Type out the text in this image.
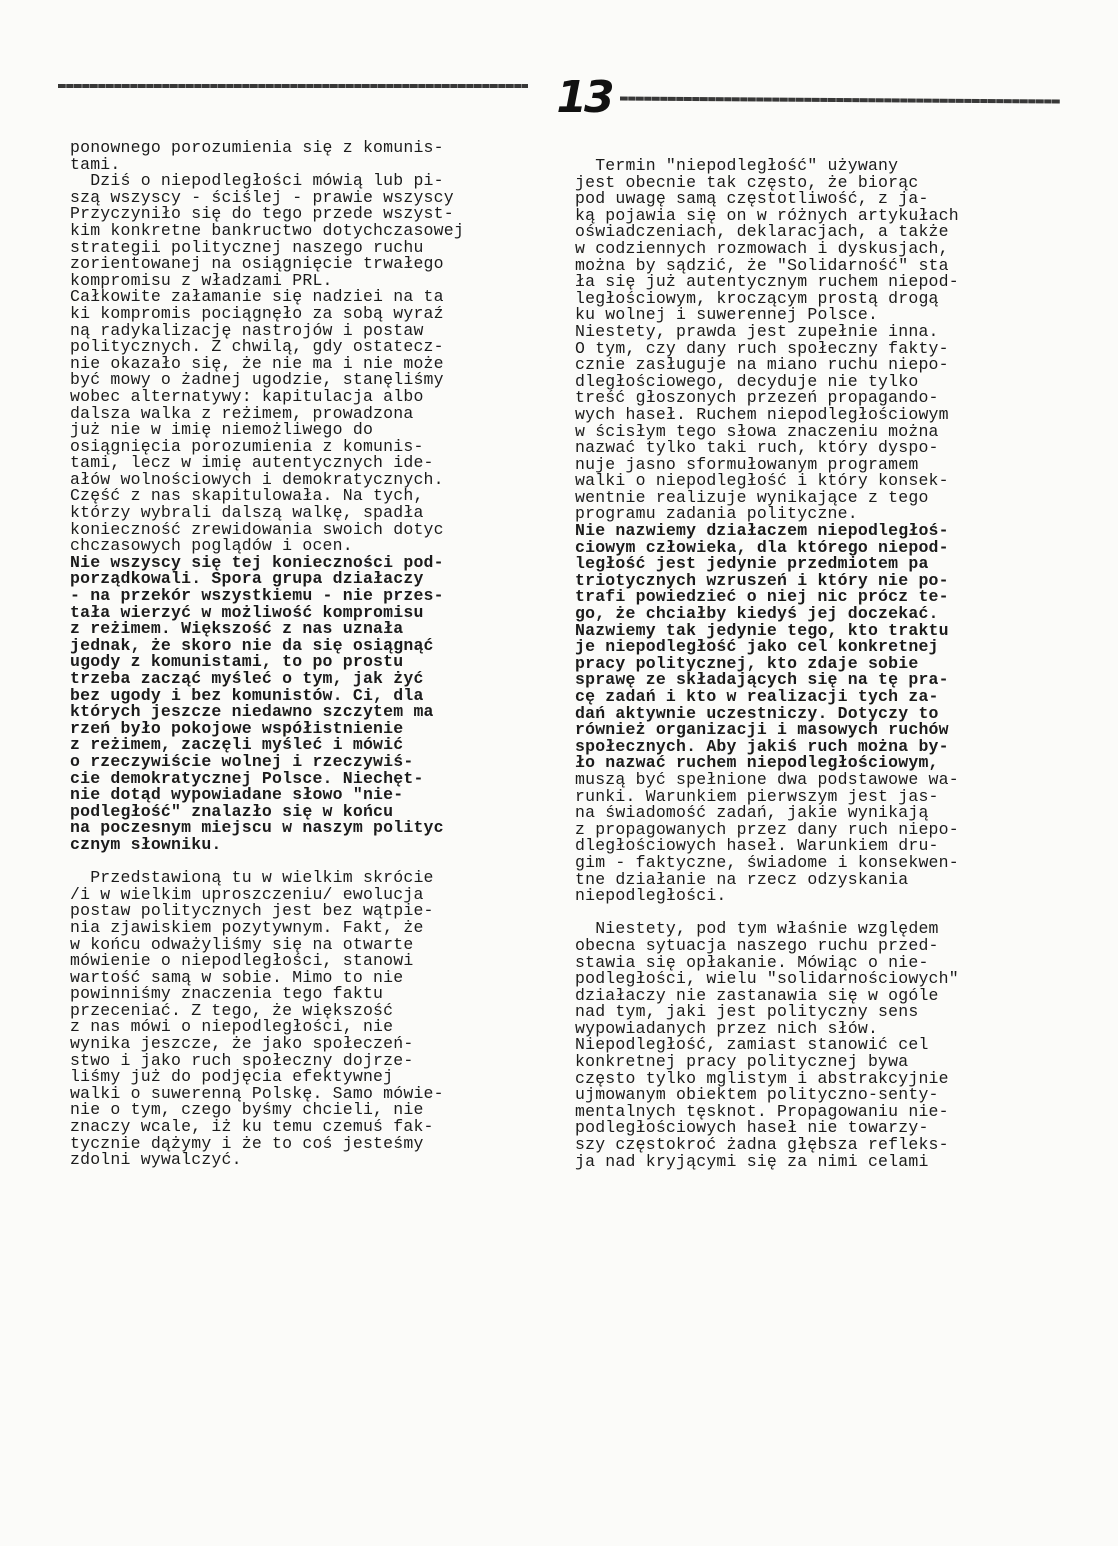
13
ponownego porozumienia się z komunis-
tami.
Dziś o niepodległości mówią lub pi-
szą wszyscy - ściślej - prawie wszyscy
Przyczyniło się do tego przede wszyst-
kim konkretne bankructwo dotychczasowej
strategii politycznej naszego ruchu
zorientowanej na osiągnięcie trwałego
kompromisu z władzami PRL.
Całkowite załamanie się nadziei na ta
ki kompromis pociągnęło za sobą wyraź
ną radykalizację nastrojów i postaw
politycznych. Z chwilą, gdy ostatecz-
nie okazało się, że nie ma i nie może
być mowy o żadnej ugodzie, stanęliśmy
wobec alternatywy: kapitulacja albo
dalsza walka z reżimem, prowadzona
już nie w imię niemożliwego do
osiągnięcia porozumienia z komunis-
tami, lecz w imię autentycznych ide-
ałów wolnościowych i demokratycznych.
Część z nas skapitulowała. Na tych,
którzy wybrali dalszą walkę, spadła
konieczność zrewidowania swoich dotyc
chczasowych poglądów i ocen.
Nie wszyscy się tej konieczności pod-
porządkowali. Spora grupa działaczy
- na przekór wszystkiemu - nie przes-
tała wierzyć w możliwość kompromisu
z reżimem. Większość z nas uznała
jednak, że skoro nie da się osiągnąć
ugody z komunistami, to po prostu
trzeba zacząć myśleć o tym, jak żyć
bez ugody i bez komunistów. Ci, dla
których jeszcze niedawno szczytem ma
rzeń było pokojowe współistnienie
z reżimem, zaczęli myśleć i mówić
o rzeczywiście wolnej i rzeczywiś-
cie demokratycznej Polsce. Niechęt-
nie dotąd wypowiadane słowo "nie-
podległość" znalazło się w końcu
na poczesnym miejscu w naszym polityc
cznym słowniku.
Przedstawioną tu w wielkim skrócie
/i w wielkim uproszczeniu/ ewolucja
postaw politycznych jest bez wątpie-
nia zjawiskiem pozytywnym. Fakt, że
w końcu odważyliśmy się na otwarte
mówienie o niepodległości, stanowi
wartość samą w sobie. Mimo to nie
powinniśmy znaczenia tego faktu
przeceniać. Z tego, że większość
z nas mówi o niepodległości, nie
wynika jeszcze, że jako społeczeń-
stwo i jako ruch społeczny dojrze-
liśmy już do podjęcia efektywnej
walki o suwerenną Polskę. Samo mówie-
nie o tym, czego byśmy chcieli, nie
znaczy wcale, iż ku temu czemuś fak-
tycznie dążymy i że to coś jesteśmy
zdolni wywalczyć.
Termin "niepodległość" używany
jest obecnie tak często, że biorąc
pod uwagę samą częstotliwość, z ja-
ką pojawia się on w różnych artykułach
oświadczeniach, deklaracjach, a także
w codziennych rozmowach i dyskusjach,
można by sądzić, że "Solidarność" sta
ła się już autentycznym ruchem niepod-
ległościowym, kroczącym prostą drogą
ku wolnej i suwerennej Polsce.
Niestety, prawda jest zupełnie inna.
O tym, czy dany ruch społeczny fakty-
cznie zasługuje na miano ruchu niepo-
dległościowego, decyduje nie tylko
treść głoszonych przezeń propagando-
wych haseł. Ruchem niepodległościowym
w ścisłym tego słowa znaczeniu można
nazwać tylko taki ruch, który dyspo-
nuje jasno sformułowanym programem
walki o niepodległość i który konsek-
wentnie realizuje wynikające z tego
programu zadania polityczne.
Nie nazwiemy działaczem niepodległoś-
ciowym człowieka, dla którego niepod-
ległość jest jedynie przedmiotem pa
triotycznych wzruszeń i który nie po-
trafi powiedzieć o niej nic prócz te-
go, że chciałby kiedyś jej doczekać.
Nazwiemy tak jedynie tego, kto traktu
je niepodległość jako cel konkretnej
pracy politycznej, kto zdaje sobie
sprawę ze składających się na tę pra-
cę zadań i kto w realizacji tych za-
dań aktywnie uczestniczy. Dotyczy to
również organizacji i masowych ruchów
społecznych. Aby jakiś ruch można by-
ło nazwać ruchem niepodległościowym,
muszą być spełnione dwa podstawowe wa-
runki. Warunkiem pierwszym jest jas-
na świadomość zadań, jakie wynikają
z propagowanych przez dany ruch niepo-
dległościowych haseł. Warunkiem dru-
gim - faktyczne, świadome i konsekwen-
tne działanie na rzecz odzyskania
niepodległości.
Niestety, pod tym właśnie względem
obecna sytuacja naszego ruchu przed-
stawia się opłakanie. Mówiąc o nie-
podległości, wielu "solidarnościowych"
działaczy nie zastanawia się w ogóle
nad tym, jaki jest polityczny sens
wypowiadanych przez nich słów.
Niepodległość, zamiast stanowić cel
konkretnej pracy politycznej bywa
często tylko mglistym i abstrakcyjnie
ujmowanym obiektem polityczno-senty-
mentalnych tęsknot. Propagowaniu nie-
podległościowych haseł nie towarzy-
szy częstokroć żadna głębsza refleks-
ja nad kryjącymi się za nimi celami
